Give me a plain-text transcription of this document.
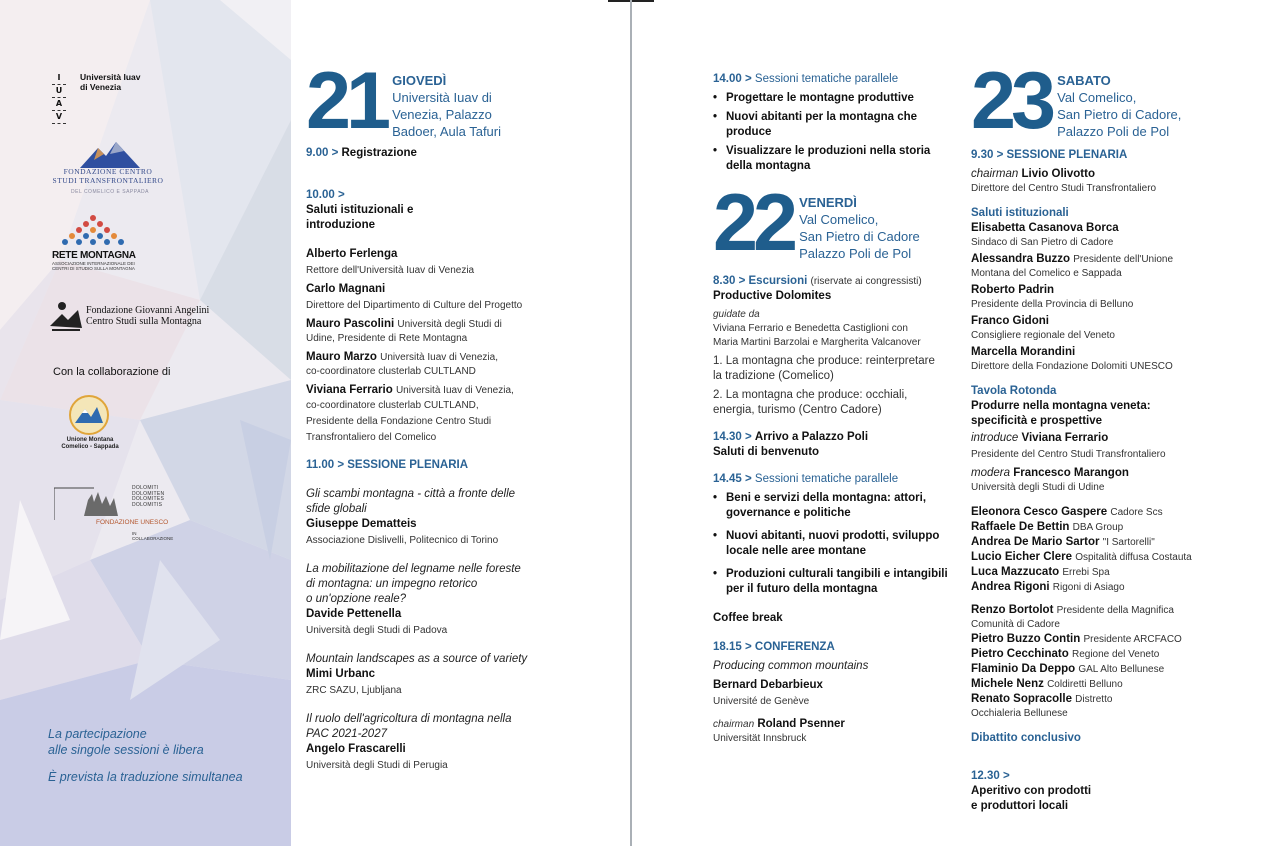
I
U
A
V
Università Iuav
di Venezia
FONDAZIONE CENTRO
STUDI TRANSFRONTALIERO
DEL COMELICO E SAPPADA
RETE MONTAGNA
ASSOCIAZIONE INTERNAZIONALE DEI CENTRI DI STUDIO SULLA MONTAGNA
Fondazione Giovanni Angelini
Centro Studi sulla Montagna
Con la collaborazione di
Unione Montana
Comelico - Sappada
DOLOMITI
DOLOMITEN
DOLOMITES
DOLOMITIS
FONDAZIONE UNESCO
IN
COLLABORAZIONE
La partecipazione
alle singole sessioni è libera
È prevista la traduzione simultanea
21 GIOVEDÌ
Università Iuav di
Venezia, Palazzo
Badoer, Aula Tafuri
9.00 > Registrazione

10.00 >
Saluti istituzionali e
introduzione

Alberto Ferlenga
Rettore dell'Università Iuav di Venezia
Carlo Magnani
Direttore del Dipartimento di Culture del Progetto
Mauro Pascolini Università degli Studi di
Udine, Presidente di Rete Montagna
Mauro Marzo Università Iuav di Venezia,
co-coordinatore clusterlab CULTLAND
Viviana Ferrario Università Iuav di Venezia,
co-coordinatore clusterlab CULTLAND,
Presidente della Fondazione Centro Studi
Transfrontaliero del Comelico
11.00 > SESSIONE PLENARIA
Gli scambi montagna - città a fronte delle
sfide globali
Giuseppe Dematteis
Associazione Dislivelli, Politecnico di Torino
La mobilitazione del legname nelle foreste
di montagna: un impegno retorico
o un'opzione reale?
Davide Pettenella
Università degli Studi di Padova
Mountain landscapes as a source of variety
Mimi Urbanc
ZRC SAZU, Ljubljana
Il ruolo dell'agricoltura di montagna nella
PAC 2021-2027
Angelo Frascarelli
Università degli Studi di Perugia
14.00 > Sessioni tematiche parallele
• Progettare le montagne produttive
• Nuovi abitanti per la montagna che
produce
• Visualizzare le produzioni nella storia
della montagna
22 VENERDÌ
Val Comelico,
San Pietro di Cadore
Palazzo Poli de Pol
8.30 > Escursioni (riservate ai congressisti)
Productive Dolomites
guidate da
Viviana Ferrario e Benedetta Castiglioni con
Maria Martini Barzolai e Margherita Valcanover
1. La montagna che produce: reinterpretare
la tradizione (Comelico)
2. La montagna che produce: occhiali,
energia, turismo (Centro Cadore)
14.30 > Arrivo a Palazzo Poli
Saluti di benvenuto
14.45 > Sessioni tematiche parallele
• Beni e servizi della montagna: attori,
governance e politiche
• Nuovi abitanti, nuovi prodotti, sviluppo
locale nelle aree montane
• Produzioni culturali tangibili e intangibili
per il futuro della montagna
Coffee break
18.15 > CONFERENZA
Producing common mountains
Bernard Debarbieux
Université de Genève
chairman Roland Psenner
Universität Innsbruck
23 SABATO
Val Comelico,
San Pietro di Cadore,
Palazzo Poli de Pol
9.30 > SESSIONE PLENARIA
chairman Livio Olivotto
Direttore del Centro Studi Transfrontaliero
Saluti istituzionali
Elisabetta Casanova Borca
Sindaco di San Pietro di Cadore
Alessandra Buzzo Presidente dell'Unione
Montana del Comelico e Sappada
Roberto Padrin
Presidente della Provincia di Belluno
Franco Gidoni
Consigliere regionale del Veneto
Marcella Morandini
Direttore della Fondazione Dolomiti UNESCO
Tavola Rotonda
Produrre nella montagna veneta:
specificità e prospettive
introduce Viviana Ferrario
Presidente del Centro Studi Transfrontaliero
modera Francesco Marangon
Università degli Studi di Udine
Eleonora Cesco Gaspere Cadore Scs
Raffaele De Bettin DBA Group
Andrea De Mario Sartor "I Sartorelli"
Lucio Eicher Clere Ospitalità diffusa Costauta
Luca Mazzucato Errebi Spa
Andrea Rigoni Rigoni di Asiago
Renzo Bortolot Presidente della Magnifica
Comunità di Cadore
Pietro Buzzo Contin Presidente ARCFACO
Pietro Cecchinato Regione del Veneto
Flaminio Da Deppo GAL Alto Bellunese
Michele Nenz Coldiretti Belluno
Renato Sopracolle Distretto
Occhialeria Bellunese
Dibattito conclusivo

12.30 >
Aperitivo con prodotti
e produttori locali
